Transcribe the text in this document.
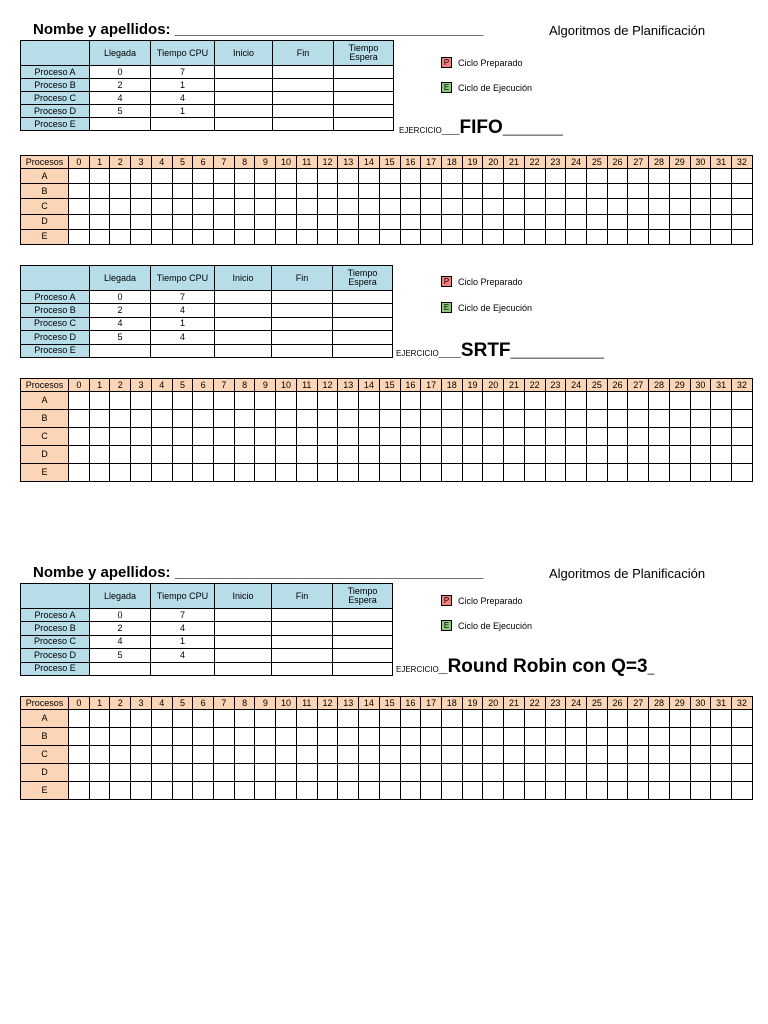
Nombe y apellidos: _____________________________________	Algoritmos de Planificación
Nombe y apellidos: _____________________________________	Algoritmos de Planificación
	Llegada	Tiempo CPU	Inicio	Fin	Tiempo Espera
Proceso A	0	7			
Proceso B	2	1			
Proceso C	4	4			
Proceso D	5	1			
Proceso E					
P Ciclo Preparado
E Ciclo de Ejecución
EJERCICIO____ FIFO _________
Procesos	0	1	2	3	4	5	6	7	8	9	10	11	12	13	14	15	16	17	18	19	20	21	22	23	24	25	26	27	28	29	30	31	32
A																																	
B																																	
C																																	
D																																	
E																																	
	Llegada	Tiempo CPU	Inicio	Fin	Tiempo Espera
Proceso A	0	7			
Proceso B	2	4			
Proceso C	4	1			
Proceso D	5	4			
Proceso E					
P Ciclo Preparado
E Ciclo de Ejecución
EJERCICIO_____ SRTF ______________
Procesos	0	1	2	3	4	5	6	7	8	9	10	11	12	13	14	15	16	17	18	19	20	21	22	23	24	25	26	27	28	29	30	31	32
A																																	
B																																	
C																																	
D																																	
E																																	
	Llegada	Tiempo CPU	Inicio	Fin	Tiempo Espera
Proceso A	0	7			
Proceso B	2	4			
Proceso C	4	1			
Proceso D	5	4			
Proceso E					
P Ciclo Preparado
E Ciclo de Ejecución
EJERCICIO__ Round Robin con Q=3 _
Procesos	0	1	2	3	4	5	6	7	8	9	10	11	12	13	14	15	16	17	18	19	20	21	22	23	24	25	26	27	28	29	30	31	32
A																																	
B																																	
C																																	
D																																	
E																																	
